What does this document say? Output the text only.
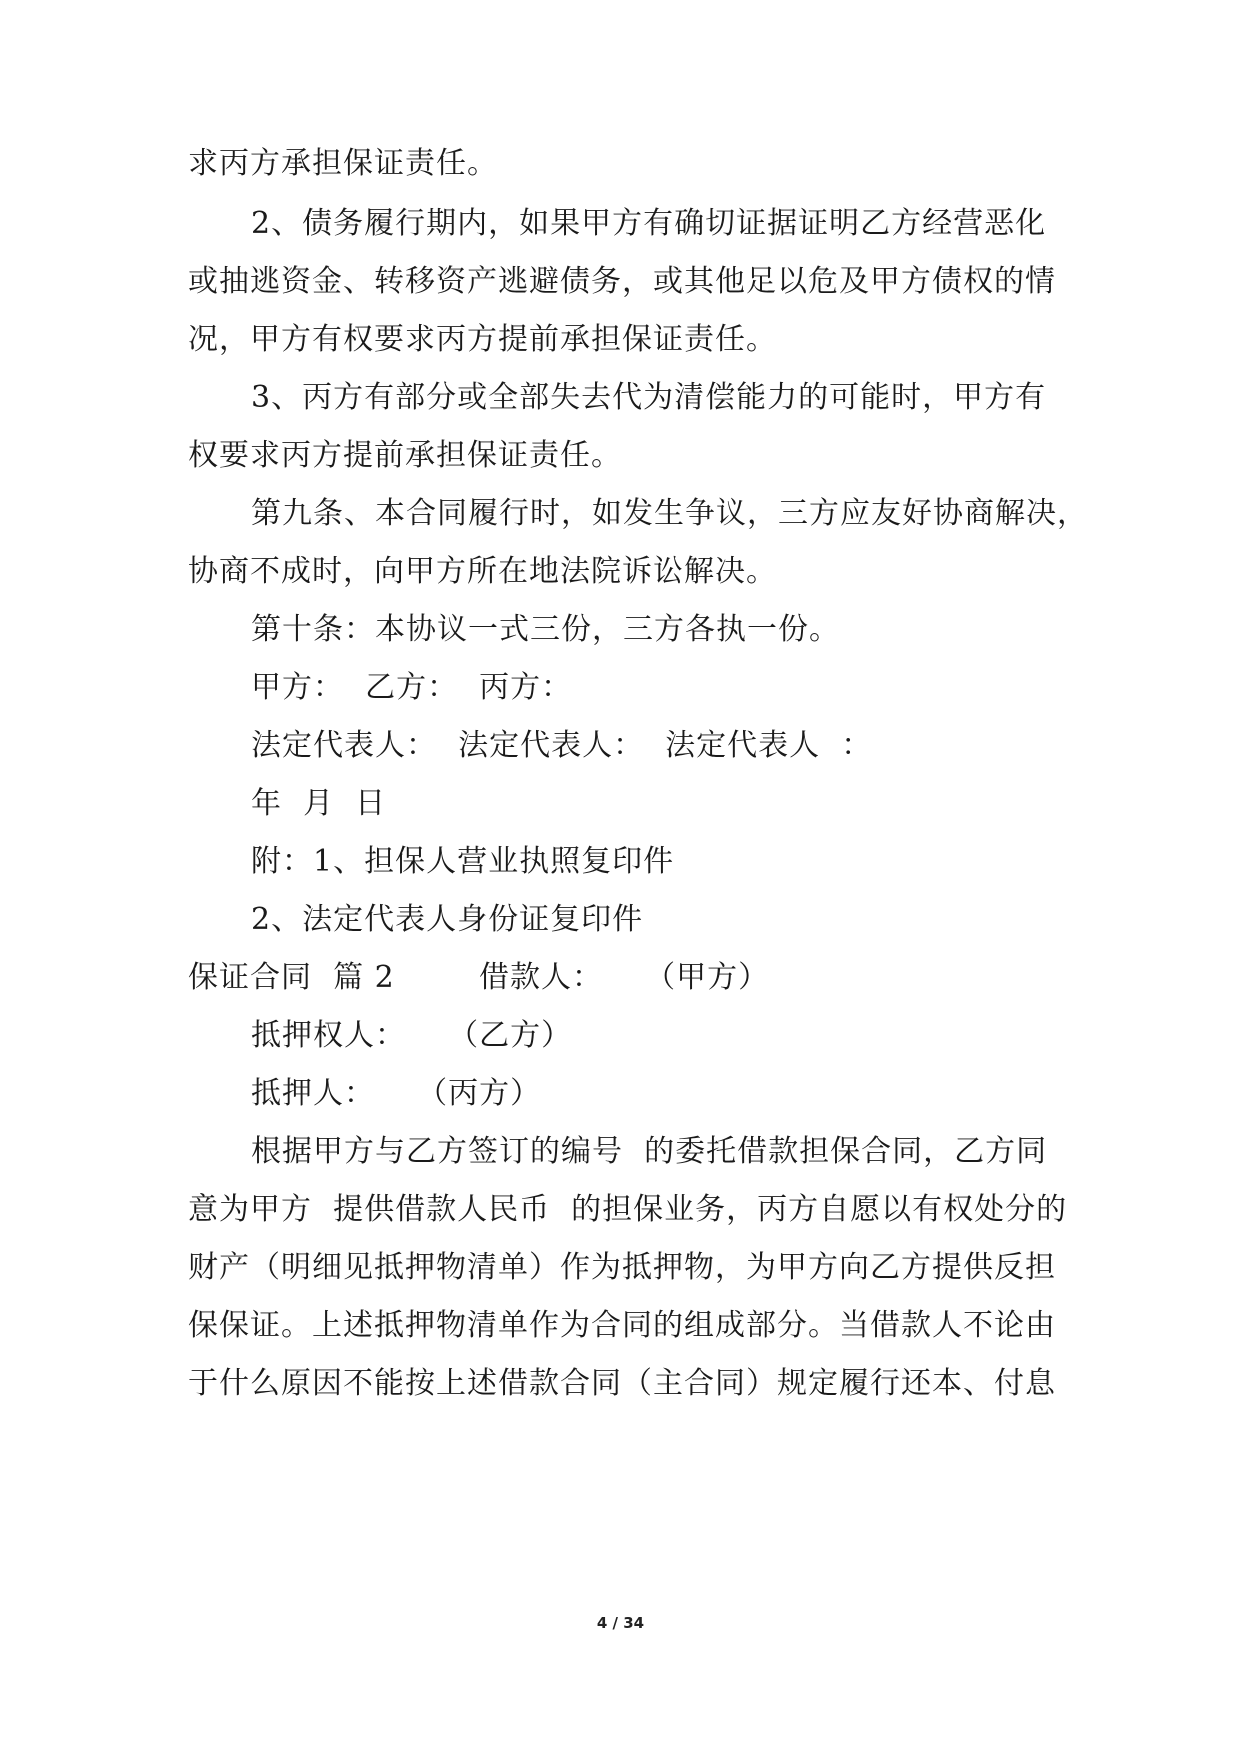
求丙方承担保证责任。
2、债务履行期内，如果甲方有确切证据证明乙方经营恶化
或抽逃资金、转移资产逃避债务，或其他足以危及甲方债权的情
况，甲方有权要求丙方提前承担保证责任。
3、丙方有部分或全部失去代为清偿能力的可能时，甲方有
权要求丙方提前承担保证责任。
第九条、本合同履行时，如发生争议，三方应友好协商解决，
协商不成时，向甲方所在地法院诉讼解决。
第十条：本协议一式三份，三方各执一份。
甲方：  乙方：  丙方：
法定代表人：  法定代表人：  法定代表人  ：
年  月  日
附：1、担保人营业执照复印件
2、法定代表人身份证复印件
保证合同  篇 2        借款人：    （甲方）
抵押权人：    （乙方）
抵押人：    （丙方）
根据甲方与乙方签订的编号  的委托借款担保合同，乙方同
意为甲方  提供借款人民币  的担保业务，丙方自愿以有权处分的
财产（明细见抵押物清单）作为抵押物，为甲方向乙方提供反担
保保证。上述抵押物清单作为合同的组成部分。当借款人不论由
于什么原因不能按上述借款合同（主合同）规定履行还本、付息
4 / 34
